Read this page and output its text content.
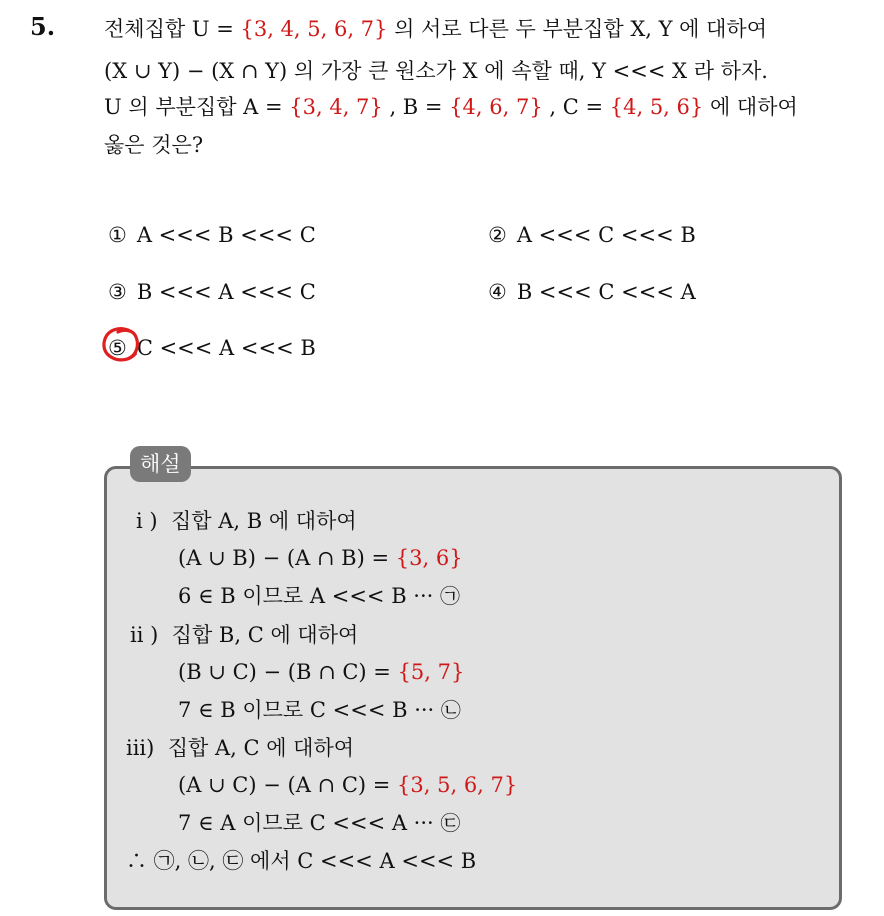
5. 전체집합 U = {3, 4, 5, 6, 7} 의 서로 다른 두 부분집합 X, Y 에 대하여
(X ∪ Y) − (X ∩ Y) 의 가장 큰 원소가 X 에 속할 때, Y <<< X 라 하자.
U 의 부분집합 A = {3, 4, 7} , B = {4, 6, 7} , C = {4, 5, 6} 에 대하여
옳은 것은?
① A <<< B <<< C	② A <<< C <<< B
③ B <<< A <<< C	④ B <<< C <<< A
⑤ C <<< A <<< B
해설
i ) 집합 A, B 에 대하여
(A ∪ B) − (A ∩ B) = {3, 6}
6 ∈ B 이므로 A <<< B ··· ㉠
ii ) 집합 B, C 에 대하여
(B ∪ C) − (B ∩ C) = {5, 7}
7 ∈ B 이므로 C <<< B ··· ㉡
iii) 집합 A, C 에 대하여
(A ∪ C) − (A ∩ C) = {3, 5, 6, 7}
7 ∈ A 이므로 C <<< A ··· ㉢
∴ ㉠, ㉡, ㉢ 에서 C <<< A <<< B
